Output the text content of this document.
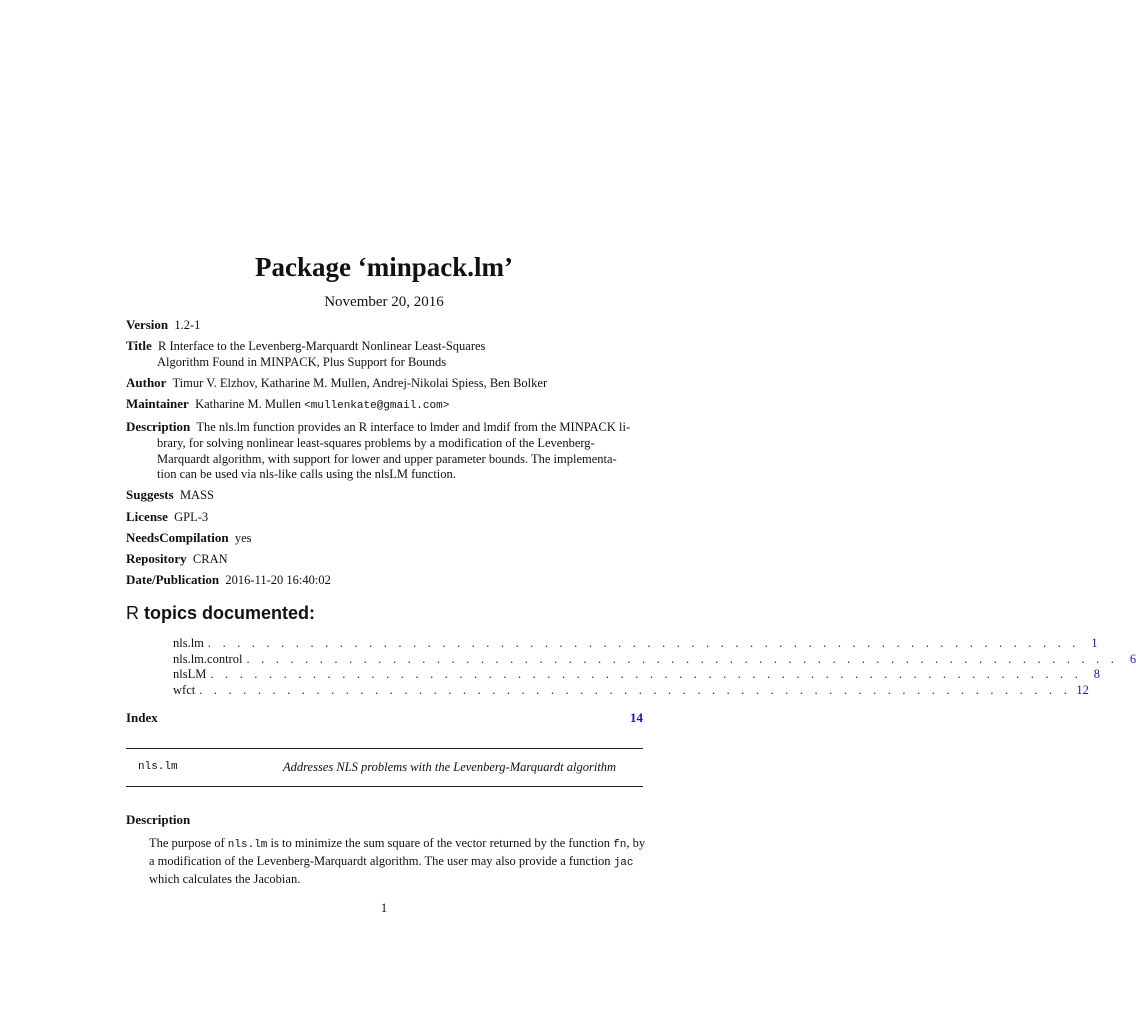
Package ‘minpack.lm’
November 20, 2016
Version 1.2-1
Title R Interface to the Levenberg-Marquardt Nonlinear Least-Squares
Algorithm Found in MINPACK, Plus Support for Bounds
Author Timur V. Elzhov, Katharine M. Mullen, Andrej-Nikolai Spiess, Ben Bolker
Maintainer Katharine M. Mullen <mullenkate@gmail.com>
Description The nls.lm function provides an R interface to lmder and lmdif from the MINPACK li-
brary, for solving nonlinear least-squares problems by a modification of the Levenberg-
Marquardt algorithm, with support for lower and upper parameter bounds. The implementa-
tion can be used via nls-like calls using the nlsLM function.
Suggests MASS
License GPL-3
NeedsCompilation yes
Repository CRAN
Date/Publication 2016-11-20 16:40:02
R topics documented:
nls.lm . . . . . . . . . . . . . . . . . . . . . . . . . . . . . . . . . . . . . . . . . . . . . . . . . . . . . . . . . . . . 1
nls.lm.control . . . . . . . . . . . . . . . . . . . . . . . . . . . . . . . . . . . . . . . . . . . . . . . . . . . . . . . . . . . . 6
nlsLM . . . . . . . . . . . . . . . . . . . . . . . . . . . . . . . . . . . . . . . . . . . . . . . . . . . . . . . . . . . . 8
wfct . . . . . . . . . . . . . . . . . . . . . . . . . . . . . . . . . . . . . . . . . . . . . . . . . . . . . . . . . . . . 12
Index	14
nls.lm	Addresses NLS problems with the Levenberg-Marquardt algorithm
Description
The purpose of nls.lm is to minimize the sum square of the vector returned by the function fn, by
a modification of the Levenberg-Marquardt algorithm. The user may also provide a function jac
which calculates the Jacobian.
1
